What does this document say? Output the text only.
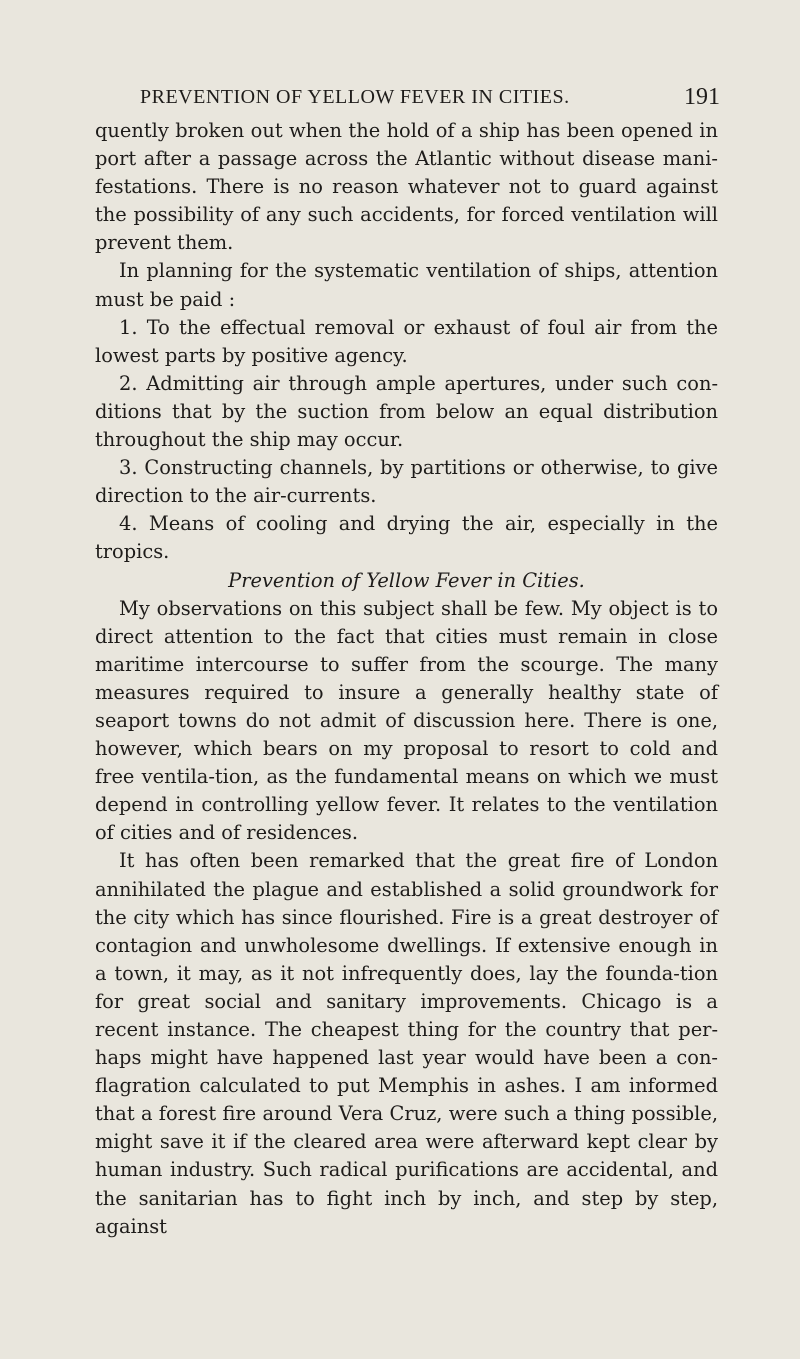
PREVENTION OF YELLOW FEVER IN CITIES.	191

quently broken out when the hold of a ship has been opened in port after a passage across the Atlantic without disease mani-festations. There is no reason whatever not to guard against the possibility of any such accidents, for forced ventilation will prevent them.

In planning for the systematic ventilation of ships, attention must be paid :

1. To the effectual removal or exhaust of foul air from the lowest parts by positive agency.

2. Admitting air through ample apertures, under such con-ditions that by the suction from below an equal distribution throughout the ship may occur.

3. Constructing channels, by partitions or otherwise, to give direction to the air-currents.

4. Means of cooling and drying the air, especially in the tropics.

Prevention of Yellow Fever in Cities.

My observations on this subject shall be few. My object is to direct attention to the fact that cities must remain in close maritime intercourse to suffer from the scourge. The many measures required to insure a generally healthy state of seaport towns do not admit of discussion here. There is one, however, which bears on my proposal to resort to cold and free ventila-tion, as the fundamental means on which we must depend in controlling yellow fever. It relates to the ventilation of cities and of residences.

It has often been remarked that the great fire of London annihilated the plague and established a solid groundwork for the city which has since flourished. Fire is a great destroyer of contagion and unwholesome dwellings. If extensive enough in a town, it may, as it not infrequently does, lay the founda-tion for great social and sanitary improvements. Chicago is a recent instance. The cheapest thing for the country that per-haps might have happened last year would have been a con-flagration calculated to put Memphis in ashes. I am informed that a forest fire around Vera Cruz, were such a thing possible, might save it if the cleared area were afterward kept clear by human industry. Such radical purifications are accidental, and the sanitarian has to fight inch by inch, and step by step, against
